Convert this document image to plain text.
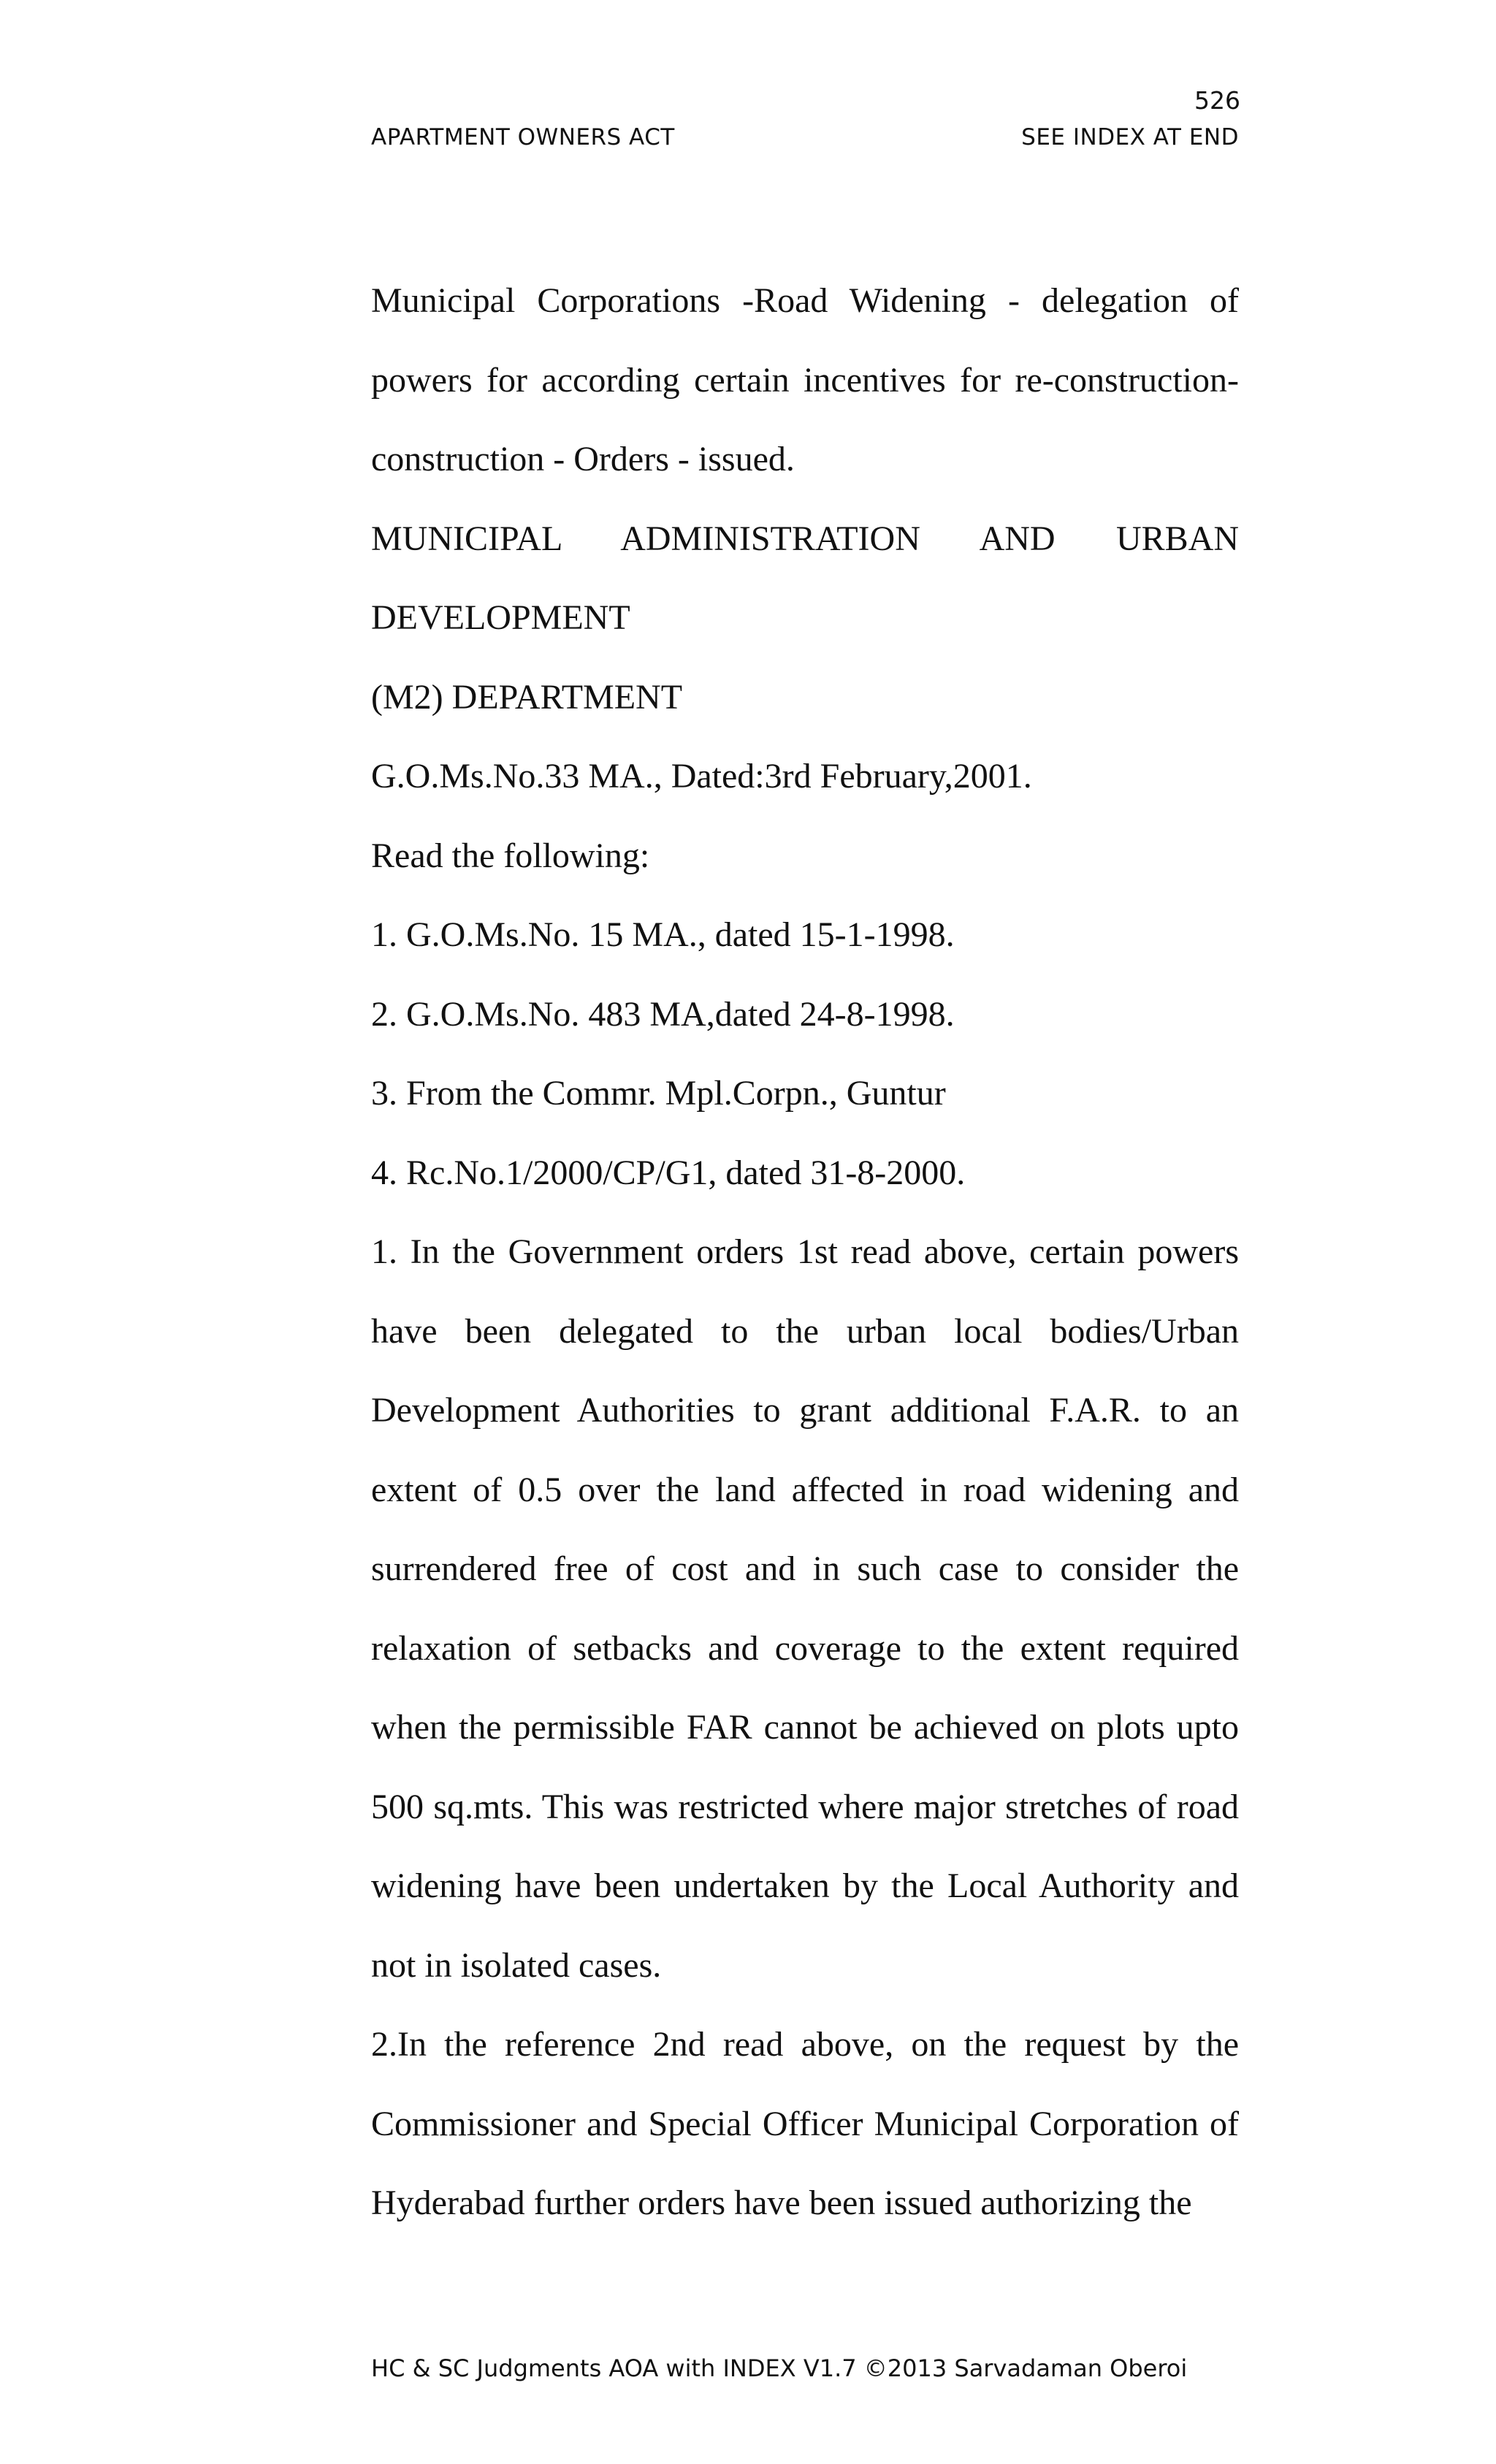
526
APARTMENT OWNERS ACT	SEE INDEX AT END

Municipal Corporations -Road Widening - delegation of powers for according certain incentives for re-construction-construction - Orders - issued.

MUNICIPAL ADMINISTRATION AND URBAN

DEVELOPMENT

(M2) DEPARTMENT

G.O.Ms.No.33 MA., Dated:3rd February,2001.

Read the following:

1. G.O.Ms.No. 15 MA., dated 15-1-1998.

2. G.O.Ms.No. 483 MA,dated 24-8-1998.

3. From the Commr. Mpl.Corpn., Guntur

4. Rc.No.1/2000/CP/G1, dated 31-8-2000.

1. In the Government orders 1st read above, certain powers have been delegated to the urban local bodies/Urban Development Authorities to grant additional F.A.R. to an extent of 0.5 over the land affected in road widening and surrendered free of cost and in such case to consider the relaxation of setbacks and coverage to the extent required when the permissible FAR cannot be achieved on plots upto 500 sq.mts. This was restricted where major stretches of road widening have been undertaken by the Local Authority and not in isolated cases.

2.In the reference 2nd read above, on the request by the Commissioner and Special Officer Municipal Corporation of Hyderabad further orders have been issued authorizing the

HC & SC Judgments AOA with INDEX V1.7 ©2013 Sarvadaman Oberoi
